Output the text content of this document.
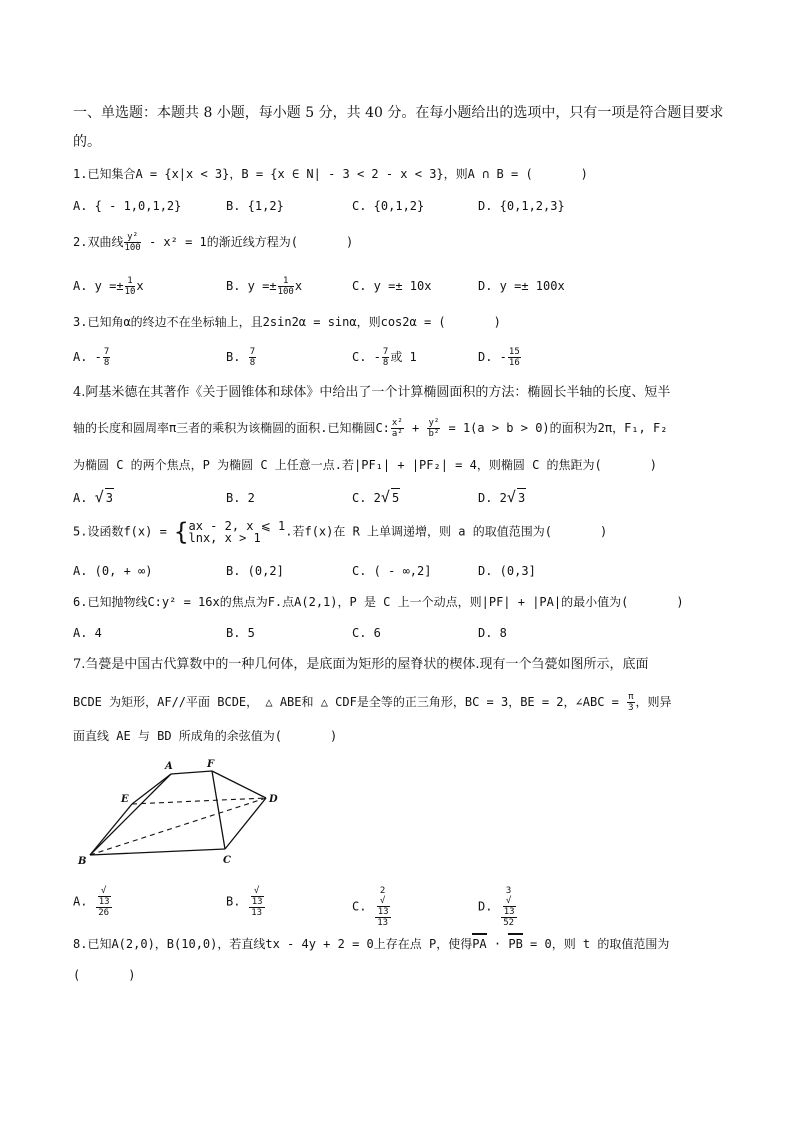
一、单选题：本题共 8 小题，每小题 5 分，共 40 分。在每小题给出的选项中，只有一项是符合题目要求
的。
1.已知集合A = {x|x < 3}，B = {x ∈ N| - 3 < 2 - x < 3}，则A ∩ B = (　　　　)
A. { - 1,0,1,2}	B. {1,2}	C. {0,1,2}	D. {0,1,2,3}
2.双曲线 $\frac{\text{y²}}{100} - x^2 = 1$的渐近线方程为(　　　　)
A. $y =\pm \frac{1}{10}$ x	B. $y =\pm \frac{1}{100}$ x	C. y =± 10x	D. y =± 100x
3.已知角α的终边不在坐标轴上，且2sin2α = sinα，则cos2α = (　　　　)
A. - $\frac{7}{8}$	B. $\frac{7}{8}$	C. - $\frac{7}{8}$ 或 1	D. - $\frac{15}{16}$
4.阿基米德在其著作《关于圆锥体和球体》中给出了一个计算椭圆面积的方法：椭圆长半轴的长度、短半
轴的长度和圆周率π三者的乘积为该椭圆的面积.已知椭圆C: $\frac{\text{x²}}{\text{a²}} + \frac{\text{y²}}{\text{b²}} = 1(a > b > 0)$的面积为2π，F₁, F₂
为椭圆 C 的两个焦点，P 为椭圆 C 上任意一点.若|PF₁| + |PF₂| = 4，则椭圆 C 的焦距为(　　　　)
A. √ 3	B. 2	C. 2√ 5	D. 2√ 3
5.设函数f(x) = { ax - 2, x ⩽ 1
lnx, x > 1	.若f(x)在 R 上单调递增，则 a 的取值范围为(　　　　)
A. (0, + ∞)	B. (0,2]	C. ( - ∞,2]	D. (0,3]
6.已知抛物线C:y² = 16x的焦点为F.点A(2,1)，P 是 C 上一个动点，则|PF| + |PA|的最小值为(　　　　)
A. 4	B. 5	C. 6	D. 8
7.刍甍是中国古代算数中的一种几何体，是底面为矩形的屋脊状的楔体.现有一个刍甍如图所示，底面
BCDE 为矩形，AF//平面 BCDE， △ ABE和 △ CDF是全等的正三角形，BC = 3，BE = 2，∠ABC = $\frac{\pi}{3}$ ，则异
面直线 AE 与 BD 所成角的余弦值为(　　　　)
A	F
E	D
B	C
A. √
13
26	B. √
13
13	C. 2
√
13
13	D. 3
√
13
52
8.已知A(2,0)，B(10,0)，若直线tx - 4y + 2 = 0上存在点 P，使得PA · PB = 0，则 t 的取值范围为
(　　　　)
